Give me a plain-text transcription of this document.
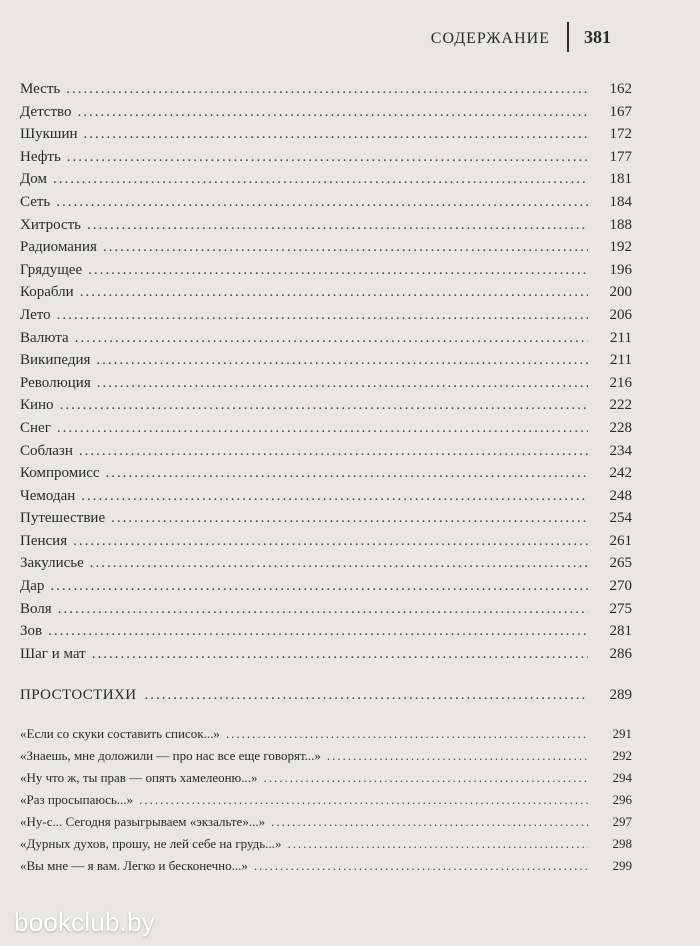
СОДЕРЖАНИЕ 381
Месть .....	162
Детство .....	167
Шукшин .....	172
Нефть .....	177
Дом .....	181
Сеть .....	184
Хитрость .....	188
Радиомания .....	192
Грядущее .....	196
Корабли .....	200
Лето .....	206
Валюта .....	211
Википедия .....	211
Революция .....	216
Кино .....	222
Снег .....	228
Соблазн .....	234
Компромисс .....	242
Чемодан .....	248
Путешествие .....	254
Пенсия .....	261
Закулисье .....	265
Дар .....	270
Воля .....	275
Зов .....	281
Шаг и мат .....	286
ПРОСТОСТИХИ .....	289
«Если со скуки составить список...» .....	291
«Знаешь, мне доложили — про нас все еще говорят...» .....	292
«Ну что ж, ты прав — опять хамелеоню...» .....	294
«Раз просыпаюсь...» .....	296
«Ну-с... Сегодня разыгрываем «экзальте»...» .....	297
«Дурных духов, прошу, не лей себе на грудь...» .....	298
«Вы мне — я вам. Легко и бесконечно...» .....	299
bookclub.by
